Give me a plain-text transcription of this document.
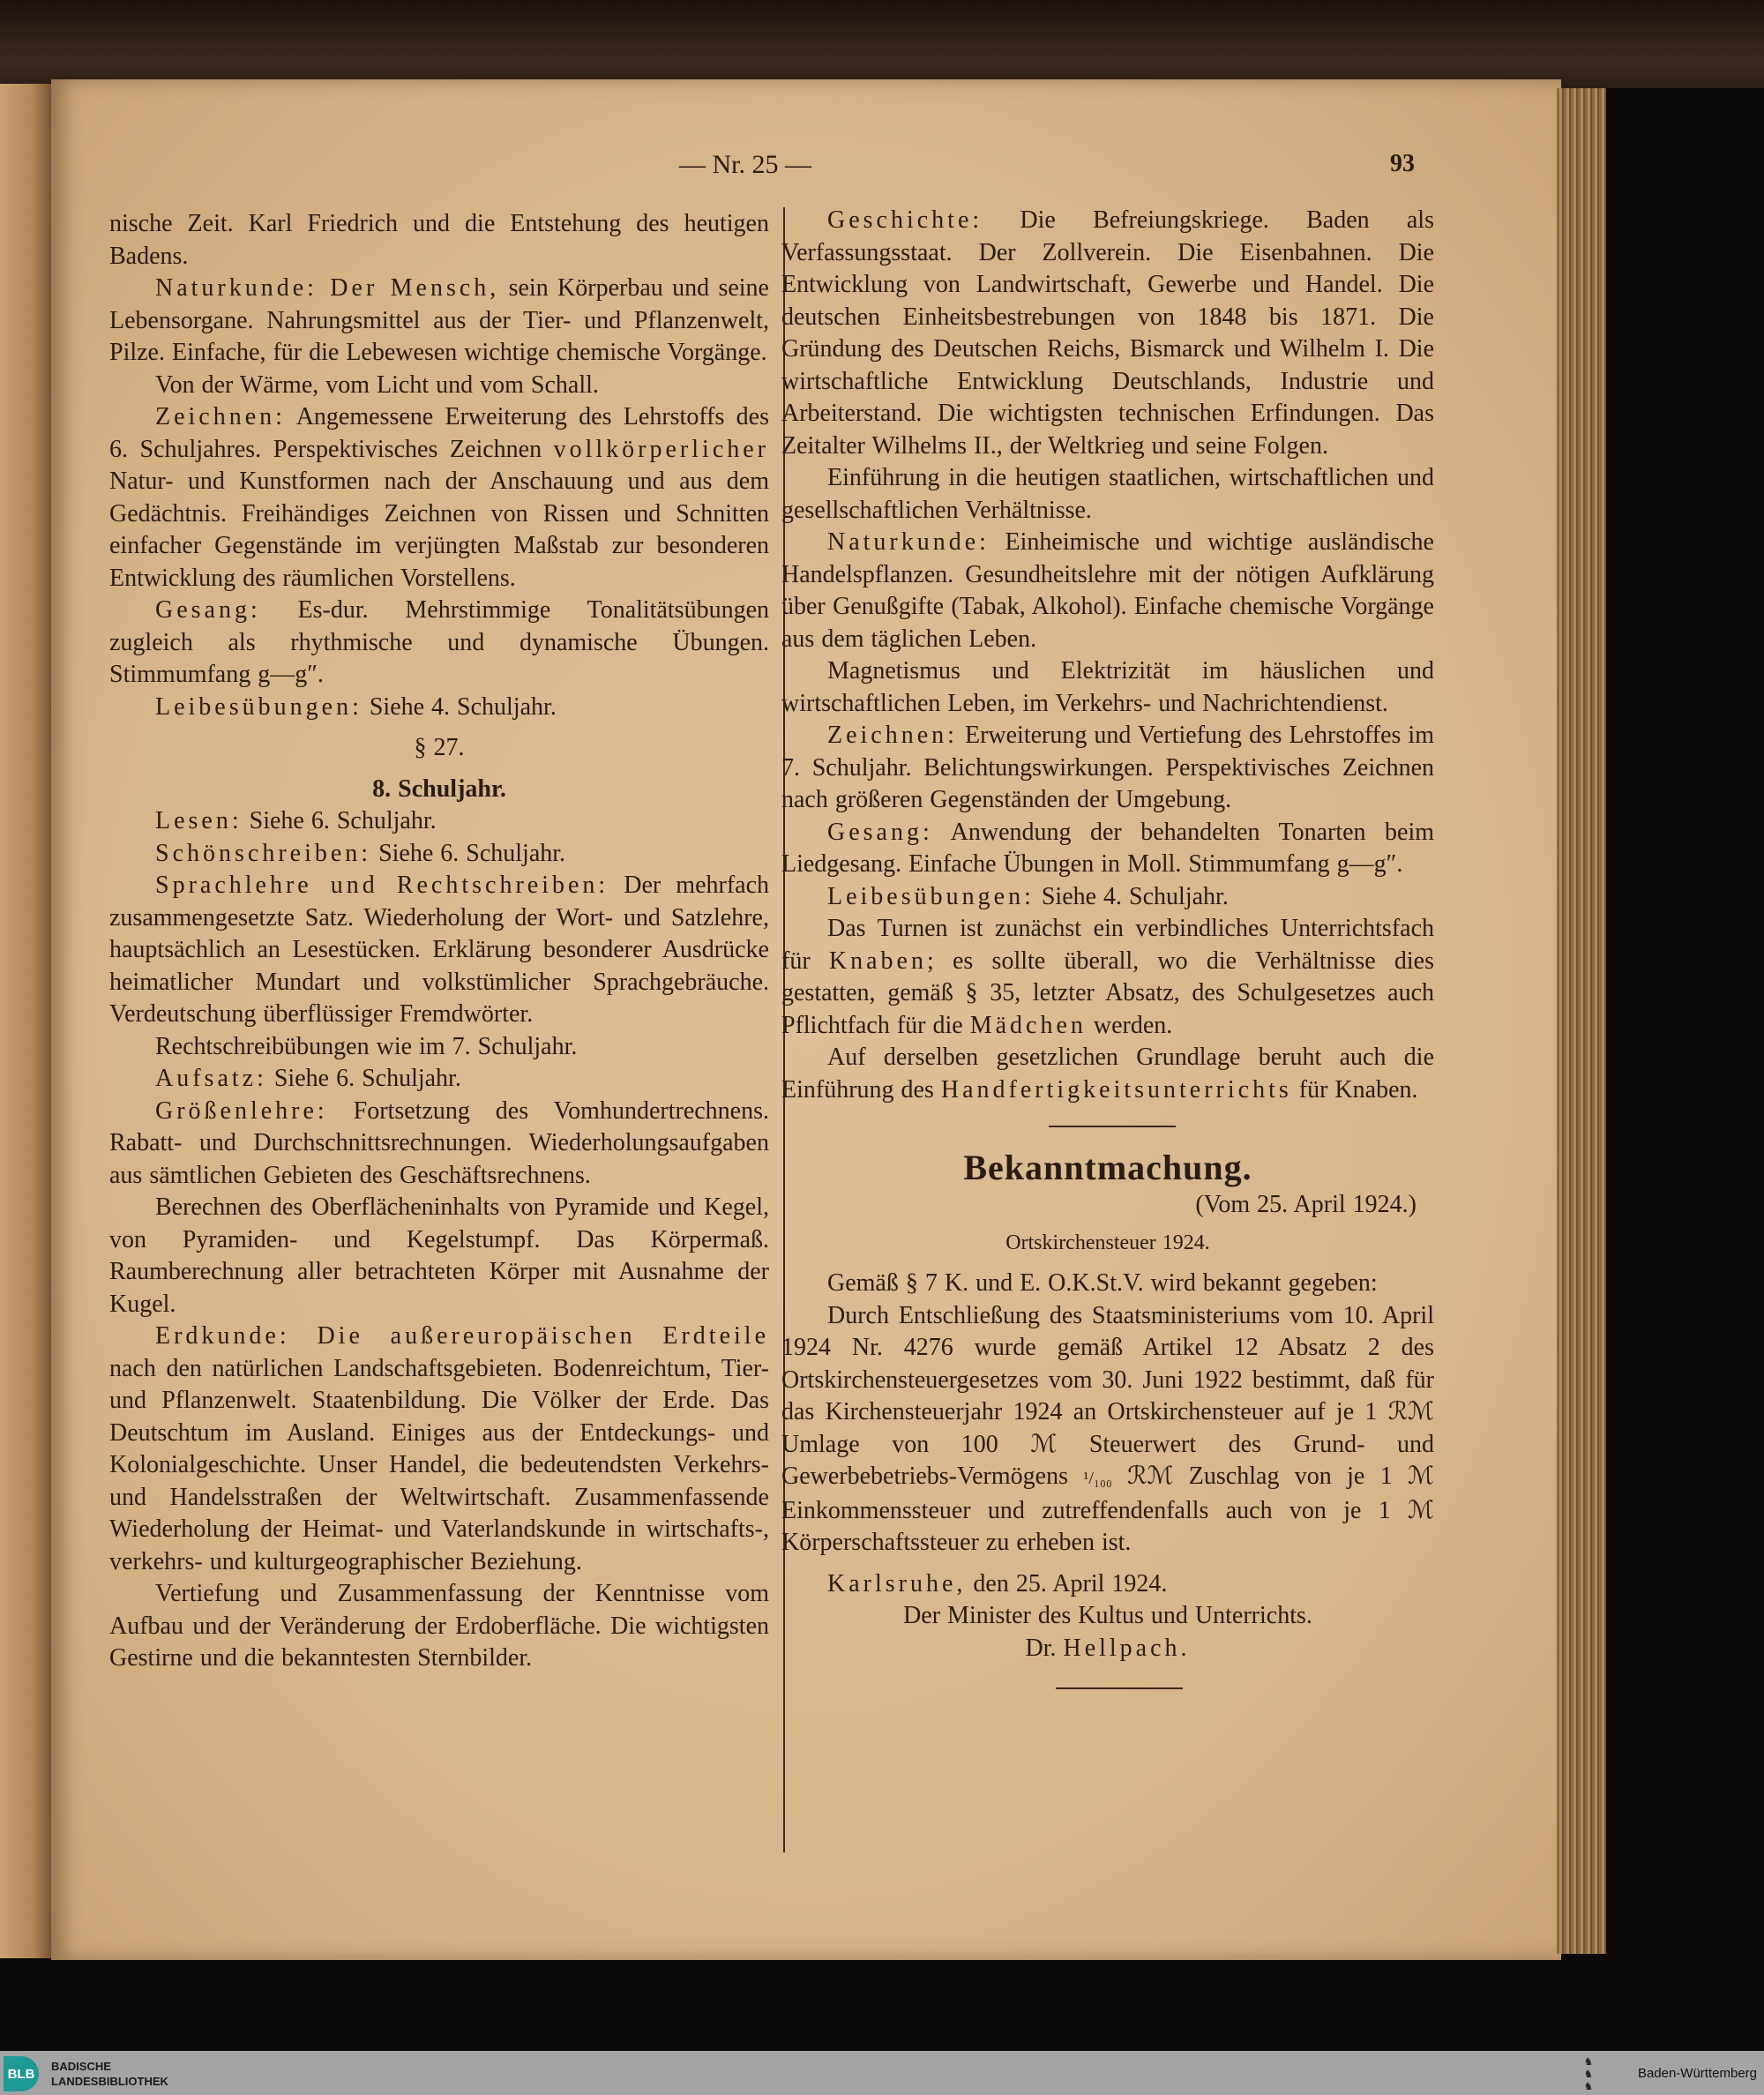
— Nr. 25 —	93

nische Zeit. Karl Friedrich und die Entstehung des heutigen Badens.

Naturkunde: Der Mensch, sein Körperbau und seine Lebensorgane. Nahrungsmittel aus der Tier- und Pflanzenwelt, Pilze. Einfache, für die Lebewesen wichtige chemische Vorgänge.

Von der Wärme, vom Licht und vom Schall.

Zeichnen: Angemessene Erweiterung des Lehrstoffs des 6. Schuljahres. Perspektivisches Zeichnen vollkörperlicher Natur- und Kunstformen nach der Anschauung und aus dem Gedächtnis. Freihändiges Zeichnen von Rissen und Schnitten einfacher Gegenstände im verjüngten Maßstab zur besonderen Entwicklung des räumlichen Vorstellens.

Gesang: Es-dur. Mehrstimmige Tonalitätsübungen zugleich als rhythmische und dynamische Übungen. Stimmumfang g—g″.

Leibesübungen: Siehe 4. Schuljahr.

§ 27.

8. Schuljahr.

Lesen: Siehe 6. Schuljahr.

Schönschreiben: Siehe 6. Schuljahr.

Sprachlehre und Rechtschreiben: Der mehrfach zusammengesetzte Satz. Wiederholung der Wort- und Satzlehre, hauptsächlich an Lesestücken. Erklärung besonderer Ausdrücke heimatlicher Mundart und volkstümlicher Sprachgebräuche. Verdeutschung überflüssiger Fremdwörter.

Rechtschreibübungen wie im 7. Schuljahr.

Aufsatz: Siehe 6. Schuljahr.

Größenlehre: Fortsetzung des Vomhundertrechnens. Rabatt- und Durchschnittsrechnungen. Wiederholungsaufgaben aus sämtlichen Gebieten des Geschäftsrechnens.

Berechnen des Oberflächeninhalts von Pyramide und Kegel, von Pyramiden- und Kegelstumpf. Das Körpermaß. Raumberechnung aller betrachteten Körper mit Ausnahme der Kugel.

Erdkunde: Die außereuropäischen Erdteile nach den natürlichen Landschaftsgebieten. Bodenreichtum, Tier- und Pflanzenwelt. Staatenbildung. Die Völker der Erde. Das Deutschtum im Ausland. Einiges aus der Entdeckungs- und Kolonialgeschichte. Unser Handel, die bedeutendsten Verkehrs- und Handelsstraßen der Weltwirtschaft. Zusammenfassende Wiederholung der Heimat- und Vaterlandskunde in wirtschafts-, verkehrs- und kulturgeographischer Beziehung.

Vertiefung und Zusammenfassung der Kenntnisse vom Aufbau und der Veränderung der Erdoberfläche. Die wichtigsten Gestirne und die bekanntesten Sternbilder.

Geschichte: Die Befreiungskriege. Baden als Verfassungsstaat. Der Zollverein. Die Eisenbahnen. Die Entwicklung von Landwirtschaft, Gewerbe und Handel. Die deutschen Einheitsbestrebungen von 1848 bis 1871. Die Gründung des Deutschen Reichs, Bismarck und Wilhelm I. Die wirtschaftliche Entwicklung Deutschlands, Industrie und Arbeiterstand. Die wichtigsten technischen Erfindungen. Das Zeitalter Wilhelms II., der Weltkrieg und seine Folgen.

Einführung in die heutigen staatlichen, wirtschaftlichen und gesellschaftlichen Verhältnisse.

Naturkunde: Einheimische und wichtige ausländische Handelspflanzen. Gesundheitslehre mit der nötigen Aufklärung über Genußgifte (Tabak, Alkohol). Einfache chemische Vorgänge aus dem täglichen Leben.

Magnetismus und Elektrizität im häuslichen und wirtschaftlichen Leben, im Verkehrs- und Nachrichtendienst.

Zeichnen: Erweiterung und Vertiefung des Lehrstoffes im 7. Schuljahr. Belichtungswirkungen. Perspektivisches Zeichnen nach größeren Gegenständen der Umgebung.

Gesang: Anwendung der behandelten Tonarten beim Liedgesang. Einfache Übungen in Moll. Stimmumfang g—g″.

Leibesübungen: Siehe 4. Schuljahr.

Das Turnen ist zunächst ein verbindliches Unterrichtsfach für Knaben; es sollte überall, wo die Verhältnisse dies gestatten, gemäß § 35, letzter Absatz, des Schulgesetzes auch Pflichtfach für die Mädchen werden.

Auf derselben gesetzlichen Grundlage beruht auch die Einführung des Handfertigkeitsunterrichts für Knaben.

Bekanntmachung.

(Vom 25. April 1924.)

Ortskirchensteuer 1924.

Gemäß § 7 K. und E. O.K.St.V. wird bekannt gegeben:

Durch Entschließung des Staatsministeriums vom 10. April 1924 Nr. 4276 wurde gemäß Artikel 12 Absatz 2 des Ortskirchensteuergesetzes vom 30. Juni 1922 bestimmt, daß für das Kirchensteuerjahr 1924 an Ortskirchensteuer auf je 1 ℛℳ Umlage von 100 ℳ Steuerwert des Grund- und Gewerbebetriebs-Vermögens ¹/₁₀₀ ℛℳ Zuschlag von je 1 ℳ Einkommenssteuer und zutreffendenfalls auch von je 1 ℳ Körperschaftssteuer zu erheben ist.

Karlsruhe, den 25. April 1924.

Der Minister des Kultus und Unterrichts.

Dr. Hellpach.

BLB	BADISCHE
LANDESBIBLIOTHEK
♞
♞
♞
Baden-Württemberg
